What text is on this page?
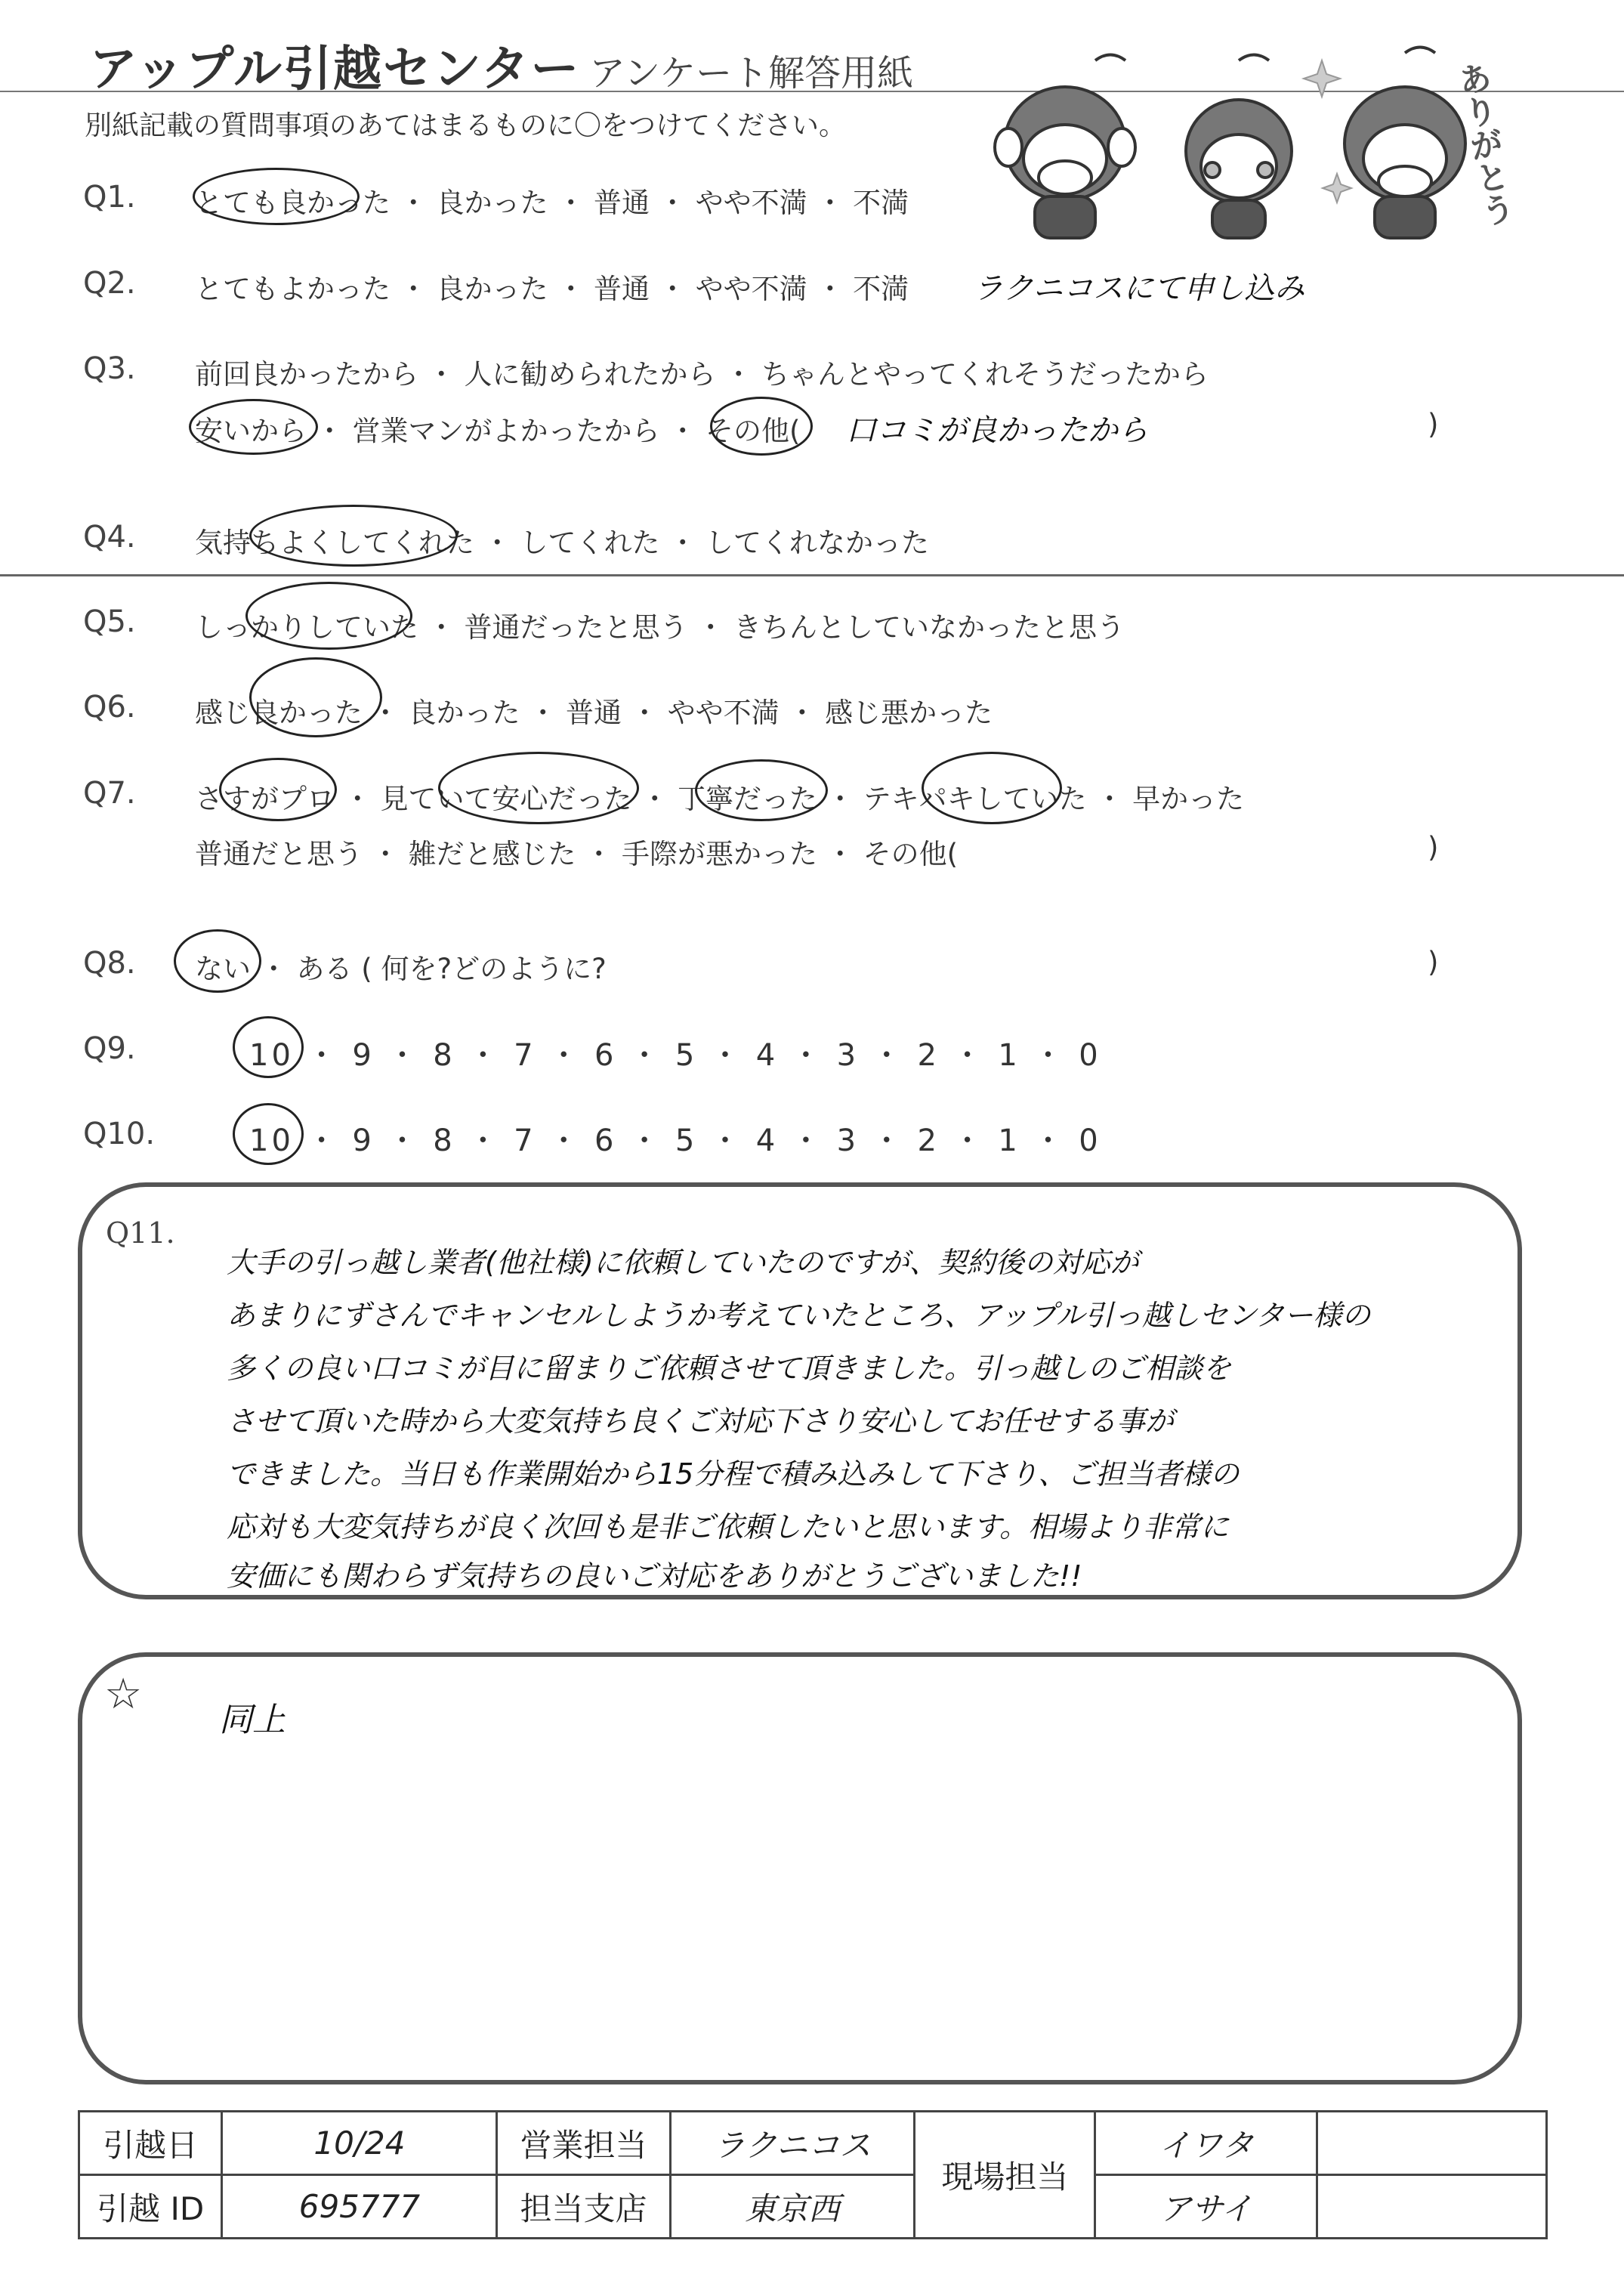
アップル引越センター アンケート解答用紙
別紙記載の質問事項のあてはまるものに〇をつけてください。	ありがとう
Q1. とても良かった ・ 良かった ・ 普通 ・ やや不満 ・ 不満
Q2. とてもよかった ・ 良かった ・ 普通 ・ やや不満 ・ 不満 ラクニコスにて申し込み
Q3. 前回良かったから ・ 人に勧められたから ・ ちゃんとやってくれそうだったから
安いから ・ 営業マンがよかったから ・ その他( 口コミが良かったから	)
Q4. 気持ちよくしてくれた ・ してくれた ・ してくれなかった
Q5. しっかりしていた ・ 普通だったと思う ・ きちんとしていなかったと思う
Q6. 感じ良かった ・ 良かった ・ 普通 ・ やや不満 ・ 感じ悪かった
Q7. さすがプロ ・ 見ていて安心だった ・ 丁寧だった ・ テキパキしていた ・ 早かった
普通だと思う ・ 雑だと感じた ・ 手際が悪かった ・ その他(	)
Q8. ない ・ ある ( 何を?どのように?	)
Q9.	10 ・ 9 ・ 8 ・ 7 ・ 6 ・ 5 ・ 4 ・ 3 ・ 2 ・ 1 ・ 0
Q10.	10 ・ 9 ・ 8 ・ 7 ・ 6 ・ 5 ・ 4 ・ 3 ・ 2 ・ 1 ・ 0
Q11.
大手の引っ越し業者(他社様)に依頼していたのですが、契約後の対応が
あまりにずさんでキャンセルしようか考えていたところ、アップル引っ越しセンター様の
多くの良い口コミが目に留まりご依頼させて頂きました。引っ越しのご相談を
させて頂いた時から大変気持ち良くご対応下さり安心してお任せする事が
できました。当日も作業開始から15分程で積み込みして下さり、ご担当者様の
応対も大変気持ちが良く次回も是非ご依頼したいと思います。相場より非常に
安価にも関わらず気持ちの良いご対応をありがとうございました!!
☆
同上
引越日	10/24	営業担当	ラクニコス	現場担当	イワタ	
引越 ID	695777	担当支店	東京西		アサイ	
